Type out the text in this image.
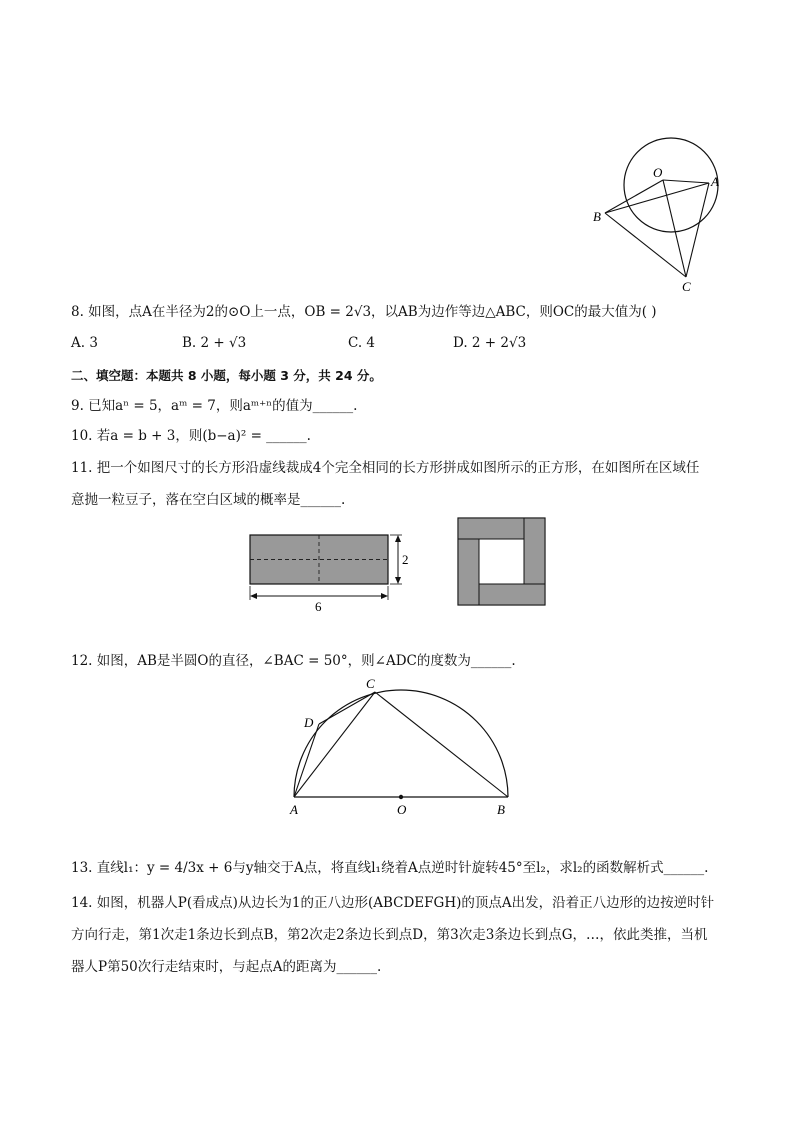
O
A
B
C
8. 如图，点A在半径为2的⊙O上一点，OB = 2√3，以AB为边作等边△ABC，则OC的最大值为( )
A. 3	B. 2 + √3	C. 4	D. 2 + 2√3
二、填空题：本题共 8 小题，每小题 3 分，共 24 分。
9. 已知aⁿ = 5，aᵐ = 7，则aᵐ⁺ⁿ的值为______.
10. 若a = b + 3，则(b−a)² = ______.
11. 把一个如图尺寸的长方形沿虚线裁成4个完全相同的长方形拼成如图所示的正方形，在如图所在区域任
意抛一粒豆子，落在空白区域的概率是______.
2
6
12. 如图，AB是半圆O的直径，∠BAC = 50°，则∠ADC的度数为______.
C
D
A	O	B
13. 直线l₁：y = 4/3x + 6与y轴交于A点，将直线l₁绕着A点逆时针旋转45°至l₂，求l₂的函数解析式______.
14. 如图，机器人P(看成点)从边长为1的正八边形(ABCDEFGH)的顶点A出发，沿着正八边形的边按逆时针
方向行走，第1次走1条边长到点B，第2次走2条边长到点D，第3次走3条边长到点G，…，依此类推，当机
器人P第50次行走结束时，与起点A的距离为______.
